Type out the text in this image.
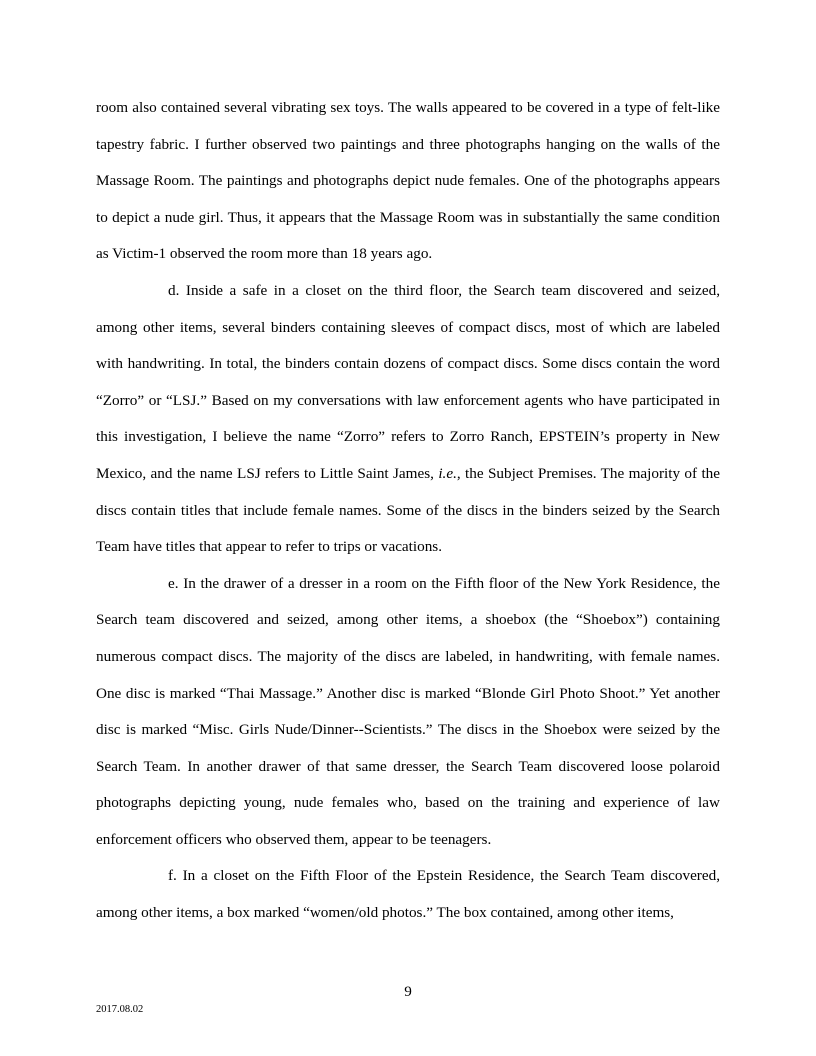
room also contained several vibrating sex toys. The walls appeared to be covered in a type of felt-like tapestry fabric. I further observed two paintings and three photographs hanging on the walls of the Massage Room. The paintings and photographs depict nude females. One of the photographs appears to depict a nude girl. Thus, it appears that the Massage Room was in substantially the same condition as Victim-1 observed the room more than 18 years ago.

d. Inside a safe in a closet on the third floor, the Search team discovered and seized, among other items, several binders containing sleeves of compact discs, most of which are labeled with handwriting. In total, the binders contain dozens of compact discs. Some discs contain the word “Zorro” or “LSJ.” Based on my conversations with law enforcement agents who have participated in this investigation, I believe the name “Zorro” refers to Zorro Ranch, EPSTEIN’s property in New Mexico, and the name LSJ refers to Little Saint James, i.e., the Subject Premises. The majority of the discs contain titles that include female names. Some of the discs in the binders seized by the Search Team have titles that appear to refer to trips or vacations.

e. In the drawer of a dresser in a room on the Fifth floor of the New York Residence, the Search team discovered and seized, among other items, a shoebox (the “Shoebox”) containing numerous compact discs. The majority of the discs are labeled, in handwriting, with female names. One disc is marked “Thai Massage.” Another disc is marked “Blonde Girl Photo Shoot.” Yet another disc is marked “Misc. Girls Nude/Dinner--Scientists.” The discs in the Shoebox were seized by the Search Team. In another drawer of that same dresser, the Search Team discovered loose polaroid photographs depicting young, nude females who, based on the training and experience of law enforcement officers who observed them, appear to be teenagers.

f. In a closet on the Fifth Floor of the Epstein Residence, the Search Team discovered, among other items, a box marked “women/old photos.” The box contained, among other items,

9
2017.08.02
